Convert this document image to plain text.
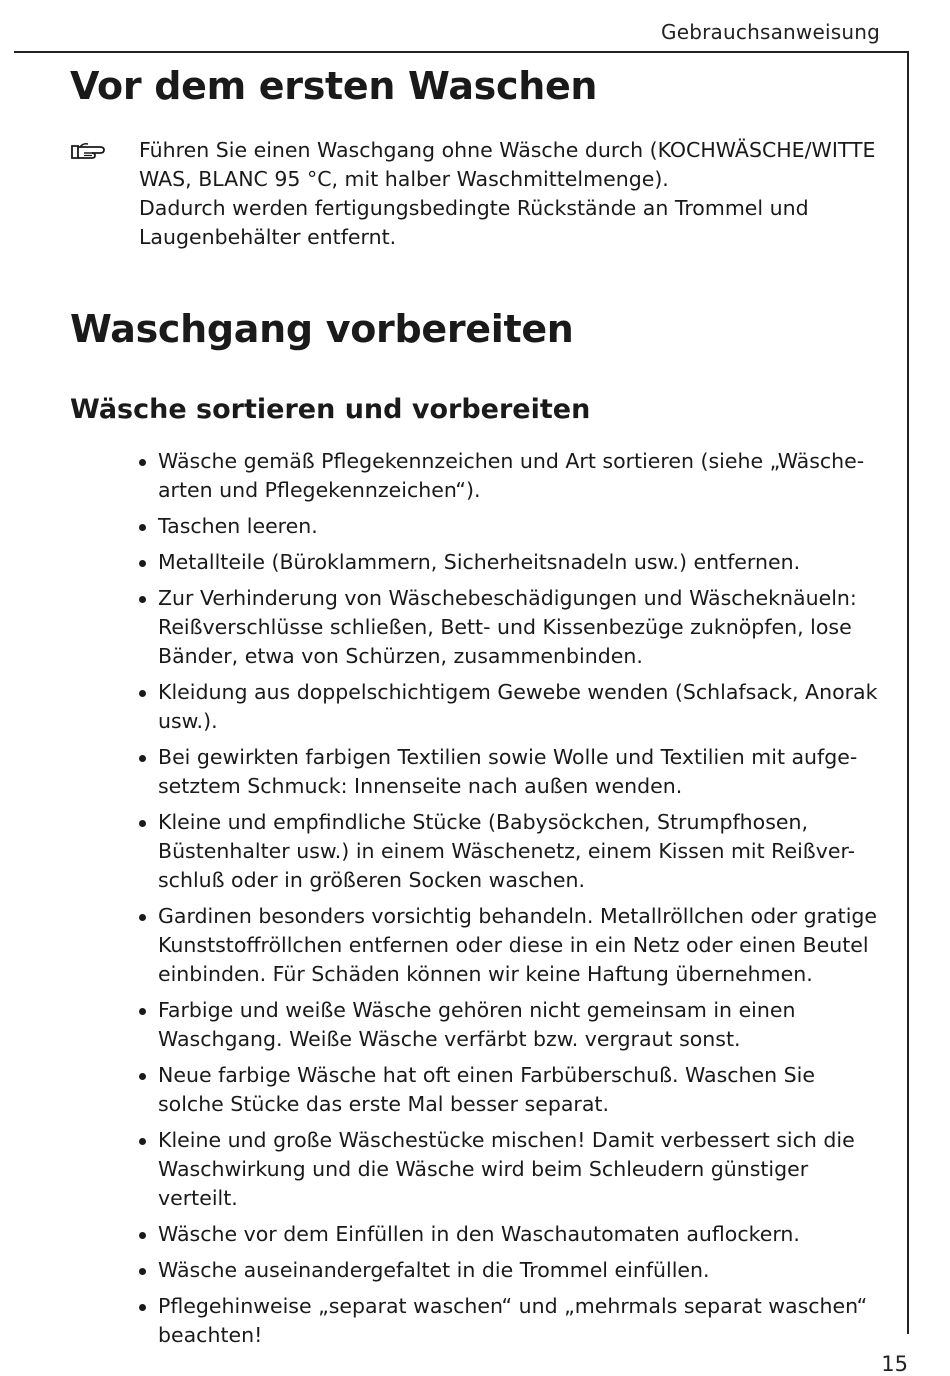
Gebrauchsanweisung
Vor dem ersten Waschen

Führen Sie einen Waschgang ohne Wäsche durch (KOCHWÄSCHE/WITTE WAS, BLANC 95 °C, mit halber Waschmittelmenge).

Dadurch werden fertigungsbedingte Rückstände an Trommel und Laugenbehälter entfernt.

Waschgang vorbereiten
Wäsche sortieren und vorbereiten
Wäsche gemäß Pflegekennzeichen und Art sortieren (siehe „Wäsche-arten und Pflegekennzeichen“).
Taschen leeren.
Metallteile (Büroklammern, Sicherheitsnadeln usw.) entfernen.
Zur Verhinderung von Wäschebeschädigungen und Wäscheknäueln: Reißverschlüsse schließen, Bett- und Kissenbezüge zuknöpfen, lose Bänder, etwa von Schürzen, zusammenbinden.
Kleidung aus doppelschichtigem Gewebe wenden (Schlafsack, Anorak usw.).
Bei gewirkten farbigen Textilien sowie Wolle und Textilien mit aufge-setztem Schmuck: Innenseite nach außen wenden.
Kleine und empfindliche Stücke (Babysöckchen, Strumpfhosen, Büstenhalter usw.) in einem Wäschenetz, einem Kissen mit Reißver-schluß oder in größeren Socken waschen.
Gardinen besonders vorsichtig behandeln. Metallröllchen oder gratige Kunststoffröllchen entfernen oder diese in ein Netz oder einen Beutel einbinden. Für Schäden können wir keine Haftung übernehmen.
Farbige und weiße Wäsche gehören nicht gemeinsam in einen Waschgang. Weiße Wäsche verfärbt bzw. vergraut sonst.
Neue farbige Wäsche hat oft einen Farbüberschuß. Waschen Sie solche Stücke das erste Mal besser separat.
Kleine und große Wäschestücke mischen! Damit verbessert sich die Waschwirkung und die Wäsche wird beim Schleudern günstiger verteilt.
Wäsche vor dem Einfüllen in den Waschautomaten auflockern.
Wäsche auseinandergefaltet in die Trommel einfüllen.
Pflegehinweise „separat waschen“ und „mehrmals separat waschen“ beachten!
15
